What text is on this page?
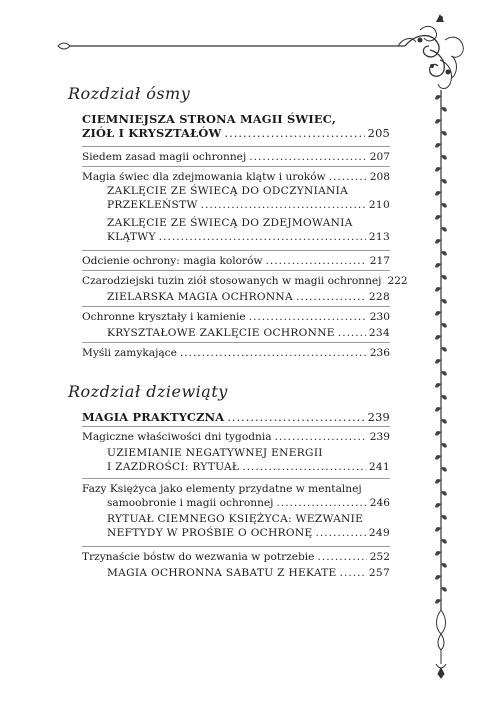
Rozdział ósmy
CIEMNIEJSZA STRONA MAGII ŚWIEC,
ZIÓŁ I KRYSZTAŁÓW .....	205
Siedem zasad magii ochronnej .....	207
Magia świec dla zdejmowania klątw i uroków .....	208
ZAKLĘCIE ZE ŚWIECĄ DO ODCZYNIANIA
PRZEKLEŃSTW .....	210
ZAKLĘCIE ZE ŚWIECĄ DO ZDEJMOWANIA
KLĄTWY .....	213
Odcienie ochrony: magia kolorów .....	217
Czarodziejski tuzin ziół stosowanych w magii ochronnej 222
ZIELARSKA MAGIA OCHRONNA .....	228
Ochronne kryształy i kamienie .....	230
KRYSZTAŁOWE ZAKLĘCIE OCHRONNE .....	234
Myśli zamykające .....	236
Rozdział dziewiąty
MAGIA PRAKTYCZNA .....	239
Magiczne właściwości dni tygodnia .....	239
UZIEMIANIE NEGATYWNEJ ENERGII
I ZAZDROŚCI: RYTUAŁ .....	241
Fazy Księżyca jako elementy przydatne w mentalnej
samoobronie i magii ochronnej .....	246
RYTUAŁ CIEMNEGO KSIĘŻYCA: WEZWANIE
NEFTYDY W PROŚBIE O OCHRONĘ .....	249
Trzynaście bóstw do wezwania w potrzebie .....	252
MAGIA OCHRONNA SABATU Z HEKATE .....	257
